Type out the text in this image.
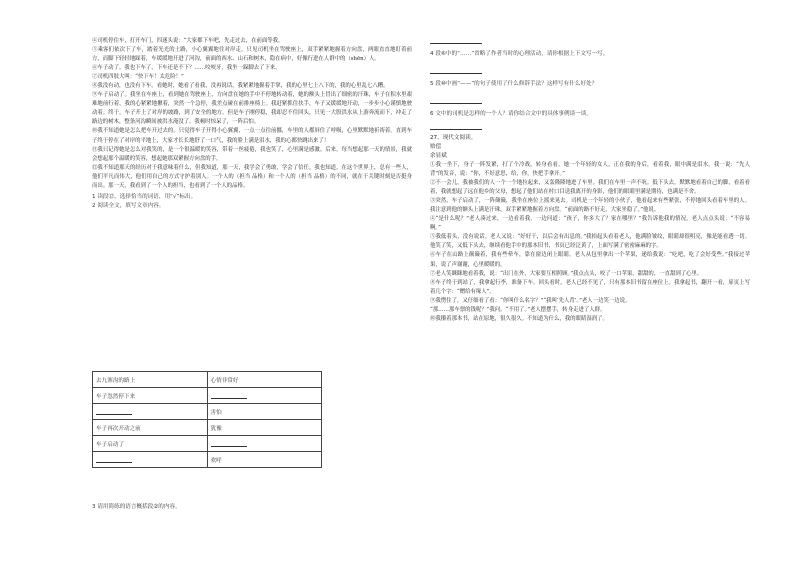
④司机停住车，打开车门，四迷头说：“大家都下车吧，先走过去，在前面等我。

⑤乘客们依次下了车，踏着光光的土路，小心翼翼地往对岸走。只见司机坐在驾驶座上，双手紧紧地握着方向盘，两眼直直地盯着前方，而脚下轻轻地踩着，车缓缓地开进了河沟，前面的西水、山石和树木，隐在病中，好像行进在人群中的（shēn）人。

⑥车子动了。我也下车了，下车还是不下？……咬咬牙，我坐一跺脚去了下来。

⑦司机四肢大叫：“快下车！太危险！”

⑧我没有动，也没有下车。看她时，她看了看我，没再说话，我紧紧地握着手掌，我的心里七上八下的，我的心里乱七八糟。

⑨车子启动了。我坐在车座上，看到她在驾驶座上，方向盘在她的手中不停地转动着，她的额头上冒出了细密的汗珠，车子在积水里艰难地前行着，我的心紧紧地揪着，突然一个急停，我差点碰在前排座椅上。我赶紧抓住扶手，车子又缓缓地开动，一步步小心谨慎地驶动着。终于，车子开上了对岸的坡路，到了安全的地方。但是车子刚停稳，我却忍不住回头，只见一大股洪水从上游奔流而下，冲走了路边的树木，整条河沟瞬间被洪水淹没了。我顿时惊呆了，一阵后怕。

⑩我不知道她是怎么把车开过去的。只觉得车子开得小心翼翼，一点一点往前挪，车里的人都屏住了呼吸，心里默默地祈祷着。直到车子终于停在了对岸的平地上，大家才长长地舒了一口气，我的脸上满是泪水，我的心都快跳出来了！

⑪我只记得她是怎么对我笑的，是一个很温暖的笑容，带着一丝疲倦，我也笑了，心里满是感激。后来，每当想起那一天的情景，我就会想起那个温暖的笑容，想起她那双紧握方向盘的手。

⑫我不知道那天的经历对于我意味着什么，但我知道，那一天，我学会了勇敢，学会了信任。我也知道，在这个世界上，总有一些人，他们平凡而伟大，他们用自己的方式守护着别人。一个人的（担当 品格）和一个人的（担当 品格）的不同，就在于关键时刻是否挺身而出。那一天，我看到了一个人的担当，也看到了一个人的品格。

1 读段⑫，选择恰当的词语，用“√”标出。

2 阅读全文，填写文章内容。

去九寨沟的路上	心情非常好
车子忽然停下来	
	害怕
车子再次开动之前	犹豫
车子启动了	
	欢呼

3 请用简练的语言概括段②的内容。

4 段⑥中的“……”省略了作者当时的心理活动，请你根据上下文写一写。

5 段⑩中画“——”的句子使用了什么修辞手法？这样写有什么好处？

6 文中的司机是怎样的一个人？请你结合文中的具体事例谈一谈。

27、现代文阅读。

赔偿

余显斌

①我一坐下，身子一阵发紧，打了个冷战，转身看看。她一个年轻的女人，正在我的身后，看着我，眼中满是泪水。我一说：“先人背”的发音，说：“你，不好意思，给，你，快把手拿开。”

②不一会儿，我被我们的人一个一个地拉起来，又轰隆隆地进了车里。我们在车里一声不吭。低下头去，默默地看着自己的脚，看着看着，我就想起了远在他乡的父母，想起了他们站在村口目送我离开的身影，他们的眼睛里满是期待，也满是不舍。

③突然，车子启动了，一阵颠簸，我坐在座位上摇来晃去。司机是一个年轻的小伙子，他看起来有些紧张，不停地回头看着车里的人。我注意到他的额头上满是汗珠，双手紧紧地握着方向盘。“前面的路不好走，大家坐稳了。”他说。

④“是什么呢？”老人凑过来，一边看着我，一边问道：“孩子，你多大了？家在哪里？”我告诉他我的情况，老人点点头说：“不容易啊。”

⑤我低着头，没有说话。老人又说：“好好干，以后会有出息的。”我抬起头看着老人，他满脸皱纹，眼睛却很明亮，像是能看透一切。他笑了笑，又低下头去，继续看他手中的那本旧书，书页已经泛黄了，上面写满了密密麻麻的字。

⑥车子在山路上颠簸着，我有些晕车，靠在窗边闭上眼睛。老人从包里拿出一个苹果，递给我说：“吃吧，吃了会好受些。”我接过苹果，说了声谢谢，心里暖暖的。

⑦老人笑眯眯地看着我，说：“出门在外，大家要互相照顾。”我点点头，咬了一口苹果，甜甜的，一直甜到了心里。

⑧车子终于到站了，我拿起行李，准备下车。回头看时，老人已经不见了，只有那本旧书留在座位上。我拿起书，翻开一看，扉页上写着几个字：“赠给有缘人”。

⑨我愣住了，又仔细看了看：“你叫什么名字？”“我叫‘先人背’。”老人一边笑一边说。

“那……那车票的钱呢？”我问。“不用了。”老人摆摆手，转身走进了人群。

⑩我攥着那本书，站在原地，很久很久。不知道为什么，我的眼睛湿润了。
